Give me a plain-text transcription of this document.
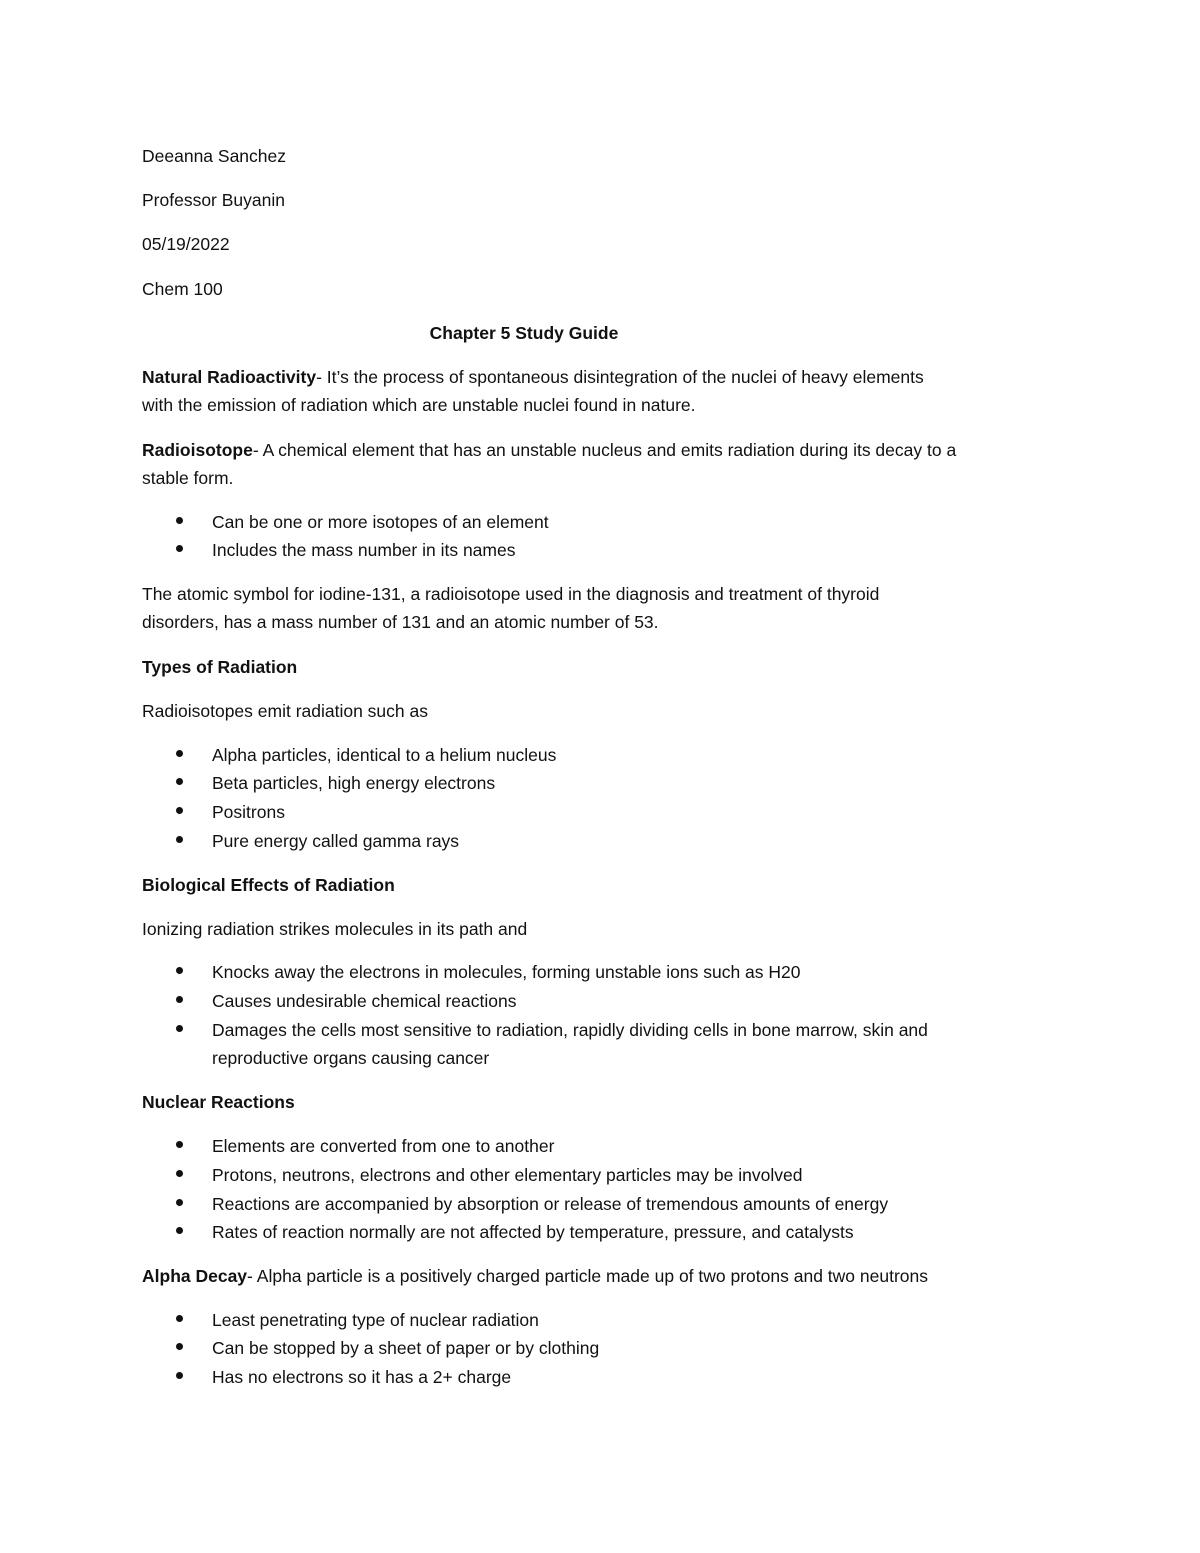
Deeanna Sanchez
Professor Buyanin
05/19/2022
Chem 100
Chapter 5 Study Guide
Natural Radioactivity- It’s the process of spontaneous disintegration of the nuclei of heavy elements
with the emission of radiation which are unstable nuclei found in nature.
Radioisotope- A chemical element that has an unstable nucleus and emits radiation during its decay to a
stable form.
Can be one or more isotopes of an element
Includes the mass number in its names
The atomic symbol for iodine-131, a radioisotope used in the diagnosis and treatment of thyroid
disorders, has a mass number of 131 and an atomic number of 53.
Types of Radiation
Radioisotopes emit radiation such as
Alpha particles, identical to a helium nucleus
Beta particles, high energy electrons
Positrons
Pure energy called gamma rays
Biological Effects of Radiation
Ionizing radiation strikes molecules in its path and
Knocks away the electrons in molecules, forming unstable ions such as H20
Causes undesirable chemical reactions
Damages the cells most sensitive to radiation, rapidly dividing cells in bone marrow, skin and
reproductive organs causing cancer
Nuclear Reactions
Elements are converted from one to another
Protons, neutrons, electrons and other elementary particles may be involved
Reactions are accompanied by absorption or release of tremendous amounts of energy
Rates of reaction normally are not affected by temperature, pressure, and catalysts
Alpha Decay- Alpha particle is a positively charged particle made up of two protons and two neutrons
Least penetrating type of nuclear radiation
Can be stopped by a sheet of paper or by clothing
Has no electrons so it has a 2+ charge
